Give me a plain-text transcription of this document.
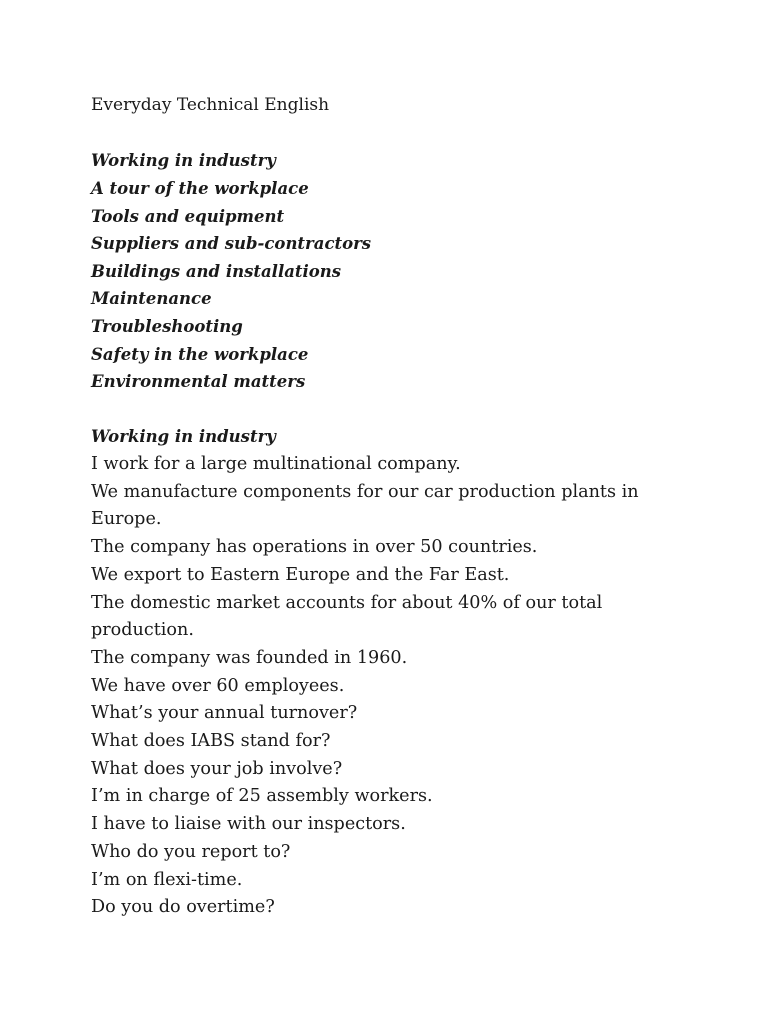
Everyday Technical English
Working in industry
A tour of the workplace
Tools and equipment
Suppliers and sub-contractors
Buildings and installations
Maintenance
Troubleshooting
Safety in the workplace
Environmental matters
Working in industry
I work for a large multinational company.
We manufacture components for our car production plants in Europe.
The company has operations in over 50 countries.
We export to Eastern Europe and the Far East.
The domestic market accounts for about 40% of our total production.
The company was founded in 1960.
We have over 60 employees.
What’s your annual turnover?
What does IABS stand for?
What does your job involve?
I’m in charge of 25 assembly workers.
I have to liaise with our inspectors.
Who do you report to?
I’m on flexi-time.
Do you do overtime?
